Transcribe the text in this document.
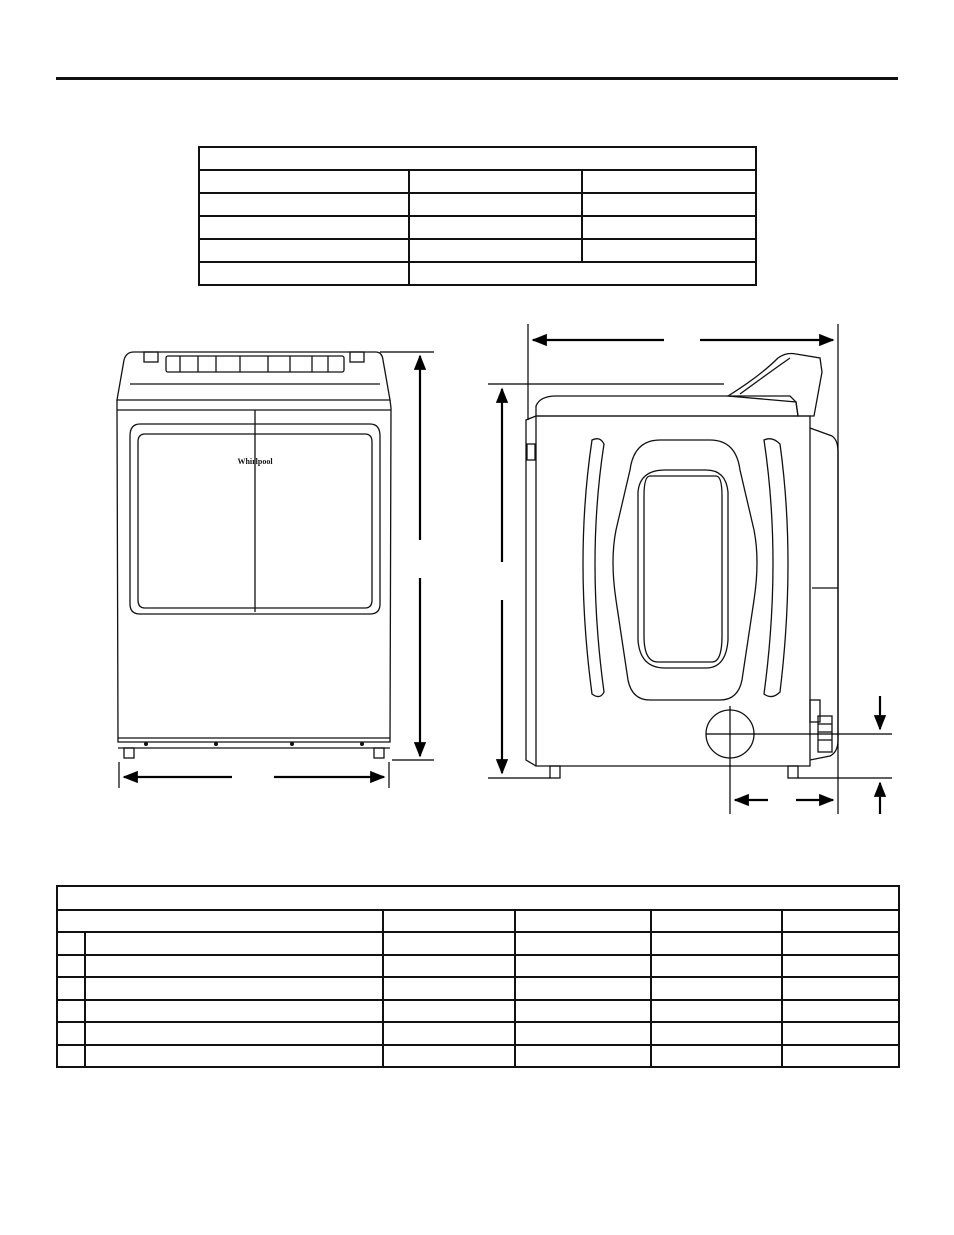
Whirlpool
